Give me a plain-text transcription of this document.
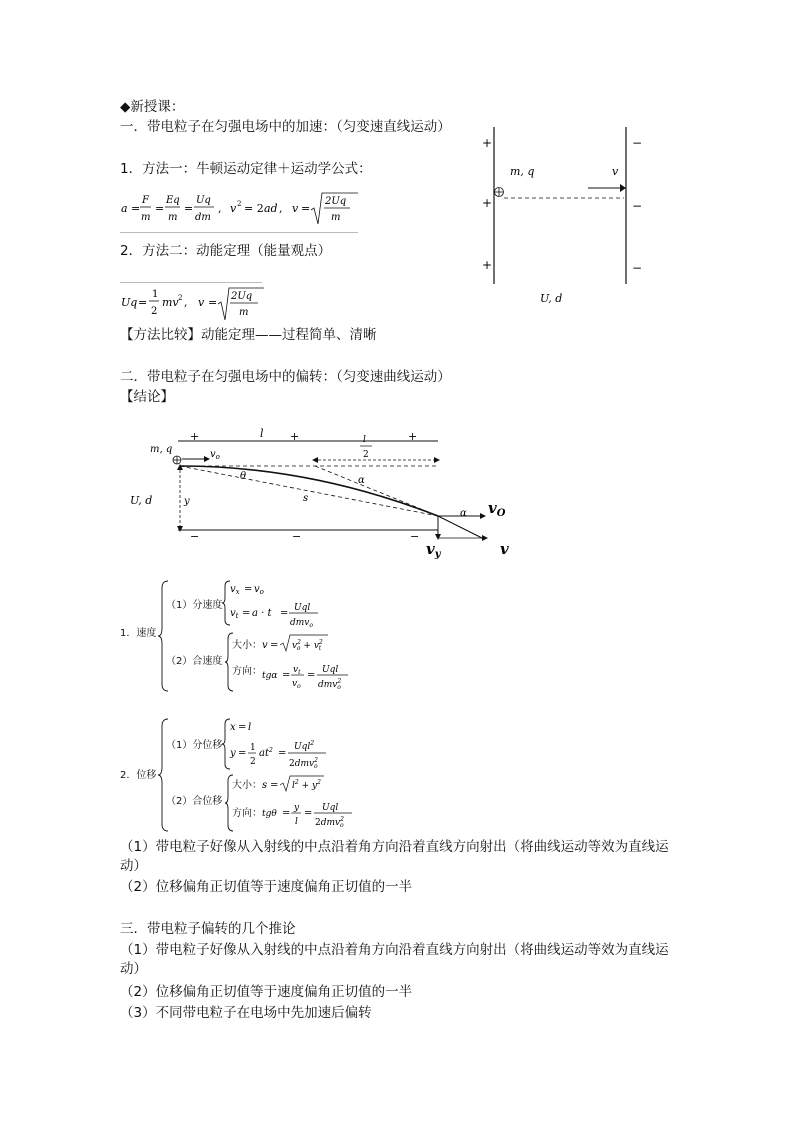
◆新授课：
一．带电粒子在匀强电场中的加速：（匀变速直线运动）
1．方法一：牛顿运动定律＋运动学公式：
a =
F
m
=
Eq
m
=
Uq
dm
, v 2 = 2 ad , v =
2Uq
m
2．方法二：动能定理（能量观点）
Uq =
1
2
mv 2 , v = 2Uq
m
【方法比较】动能定理——过程简单、清晰
+
+
+
−
−
−
m, q	v
U, d
二．带电粒子在匀强电场中的偏转：（匀变速曲线运动）
【结论】
+	+	+
−	−	−
l	l
2
m, q	$v_o$
θ	α
s
y
U, d
α $v_O$
$v_y$	v
1．速度
（1）分速度
$v_x = v_o$
$v_t = a \cdot t$ = Uql
dmv$_o$
（2）合速度
大小： $v = v^2$ $o + v^2$ t
$tg\alpha = v_t$
$v_o$
= Uql
dmv$^2$ o
方向：
2．位移
（1）分位移
x = l
y = 1
2
$at^2$ =
Uql$^2$
2dmv$^2$ o
（2）合位移
大小： $s = l^2 + y^2$
tgθ = y
l
= Uql
2dmv$^2$ o
方向：
（1）带电粒子好像从入射线的中点沿着角方向沿着直线方向射出（将曲线运动等效为直线运动）
（2）位移偏角正切值等于速度偏角正切值的一半
三．带电粒子偏转的几个推论
（1）带电粒子好像从入射线的中点沿着角方向沿着直线方向射出（将曲线运动等效为直线运动）
（2）位移偏角正切值等于速度偏角正切值的一半
（3）不同带电粒子在电场中先加速后偏转
